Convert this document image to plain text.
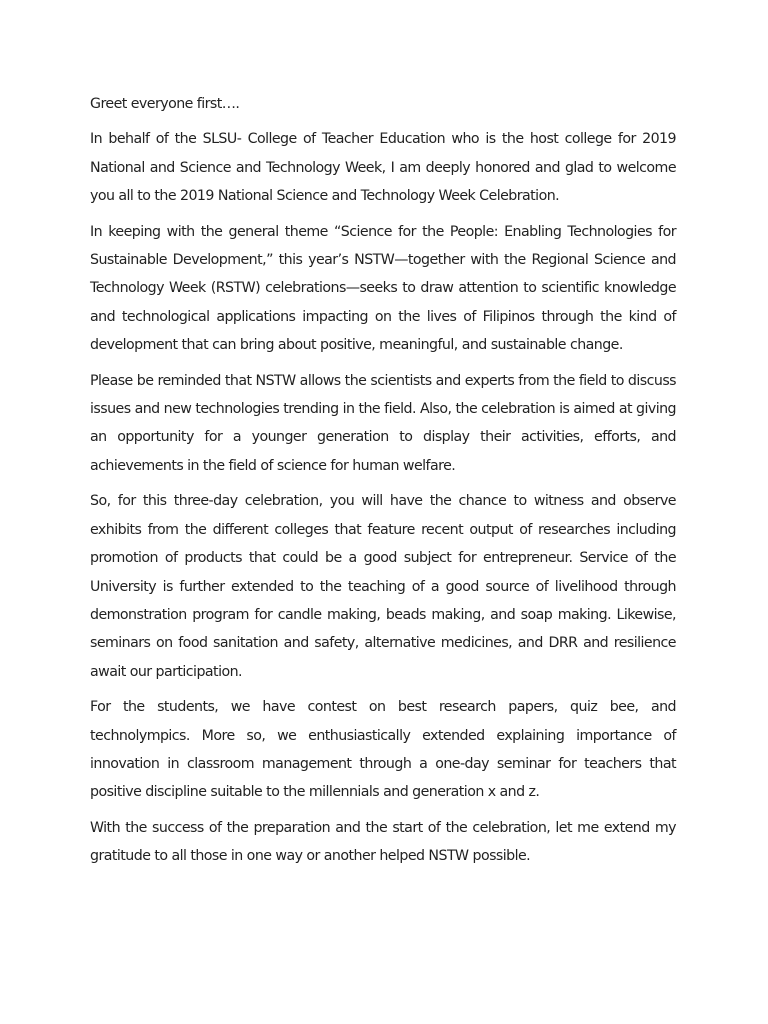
Greet everyone first….

In behalf of the SLSU- College of Teacher Education who is the host college for 2019 National and Science and Technology Week, I am deeply honored and glad to welcome you all to the 2019 National Science and Technology Week Celebration.

In keeping with the general theme “Science for the People: Enabling Technologies for Sustainable Development,” this year’s NSTW—together with the Regional Science and Technology Week (RSTW) celebrations—seeks to draw attention to scientific knowledge and technological applications impacting on the lives of Filipinos through the kind of development that can bring about positive, meaningful, and sustainable change.

Please be reminded that NSTW allows the scientists and experts from the field to discuss issues and new technologies trending in the field. Also, the celebration is aimed at giving an opportunity for a younger generation to display their activities, efforts, and achievements in the field of science for human welfare.

So, for this three-day celebration, you will have the chance to witness and observe exhibits from the different colleges that feature recent output of researches including promotion of products that could be a good subject for entrepreneur. Service of the University is further extended to the teaching of a good source of livelihood through demonstration program for candle making, beads making, and soap making. Likewise, seminars on food sanitation and safety, alternative medicines, and DRR and resilience await our participation.

For the students, we have contest on best research papers, quiz bee, and technolympics. More so, we enthusiastically extended explaining importance of innovation in classroom management through a one-day seminar for teachers that positive discipline suitable to the millennials and generation x and z.

With the success of the preparation and the start of the celebration, let me extend my gratitude to all those in one way or another helped NSTW possible.
